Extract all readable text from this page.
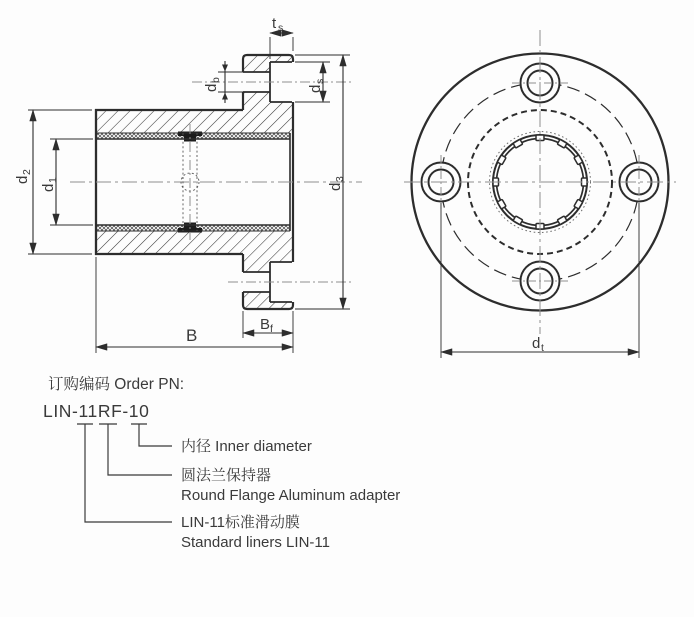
t s
d
b
d
s
d
2
d
1
d
3
B
B f
d t
订购编码 Order PN:
LIN-11RF-10
内径 Inner diameter
圆法兰保持器
Round Flange Aluminum adapter
LIN-11标准滑动膜
Standard liners LIN-11
